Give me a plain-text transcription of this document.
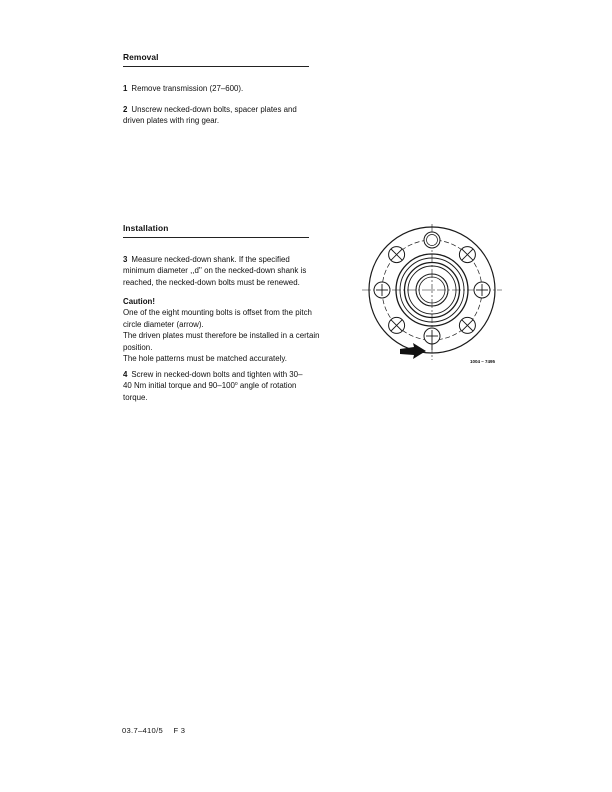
Removal

1 Remove transmission (27–600).

2 Unscrew necked-down bolts, spacer plates and driven plates with ring gear.

Installation

3 Measure necked-down shank. If the specified minimum diameter ,,d'' on the necked-down shank is reached, the necked-down bolts must be renewed.

Caution!

One of the eight mounting bolts is offset from the pitch circle diameter (arrow).

The driven plates must therefore be installed in a certain position.

The hole patterns must be matched accurately.

4 Screw in necked-down bolts and tighten with 30–40 Nm initial torque and 90–100$^o$ angle of rotation torque.

1004 – 7495
03.7–410/5 F 3
